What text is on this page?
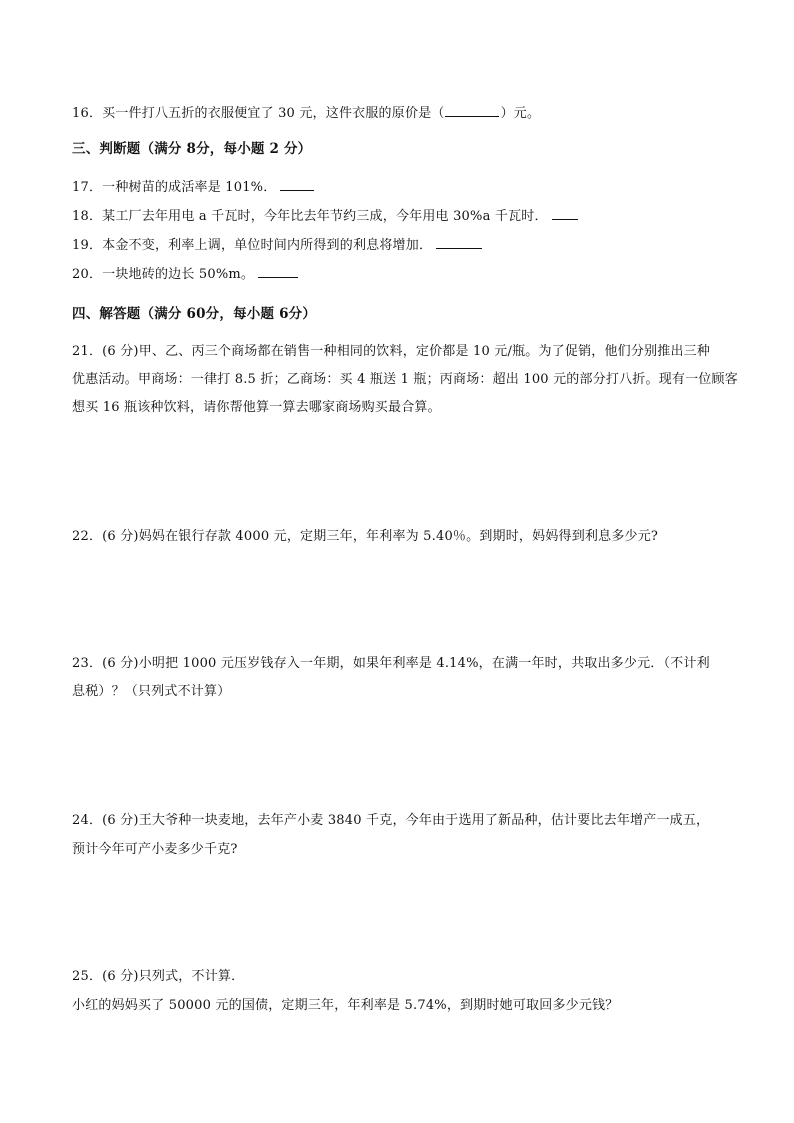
16．买一件打八五折的衣服便宜了 30 元，这件衣服的原价是（	）元。
三、判断题（满分 8分，每小题 2 分）
17．一种树苗的成活率是 101%．
18．某工厂去年用电 a 千瓦时，今年比去年节约三成，今年用电 30%a 千瓦时．
19．本金不变，利率上调，单位时间内所得到的利息将增加．
20．一块地砖的边长 50%m。
四、解答题（满分 60分，每小题 6分）
21．(6 分)甲、乙、丙三个商场都在销售一种相同的饮料，定价都是 10 元/瓶。为了促销，他们分别推出三种
优惠活动。甲商场：一律打 8.5 折；乙商场：买 4 瓶送 1 瓶；丙商场：超出 100 元的部分打八折。现有一位顾客
想买 16 瓶该种饮料，请你帮他算一算去哪家商场购买最合算。
22．(6 分)妈妈在银行存款 4000 元，定期三年，年利率为 5.40％。到期时，妈妈得到利息多少元?
23．(6 分)小明把 1000 元压岁钱存入一年期，如果年利率是 4.14%，在满一年时，共取出多少元．（不计利
息税）？（只列式不计算）
24．(6 分)王大爷种一块麦地，去年产小麦 3840 千克，今年由于选用了新品种，估计要比去年增产一成五，
预计今年可产小麦多少千克?
25．(6 分)只列式，不计算．
小红的妈妈买了 50000 元的国债，定期三年，年利率是 5.74%，到期时她可取回多少元钱？
